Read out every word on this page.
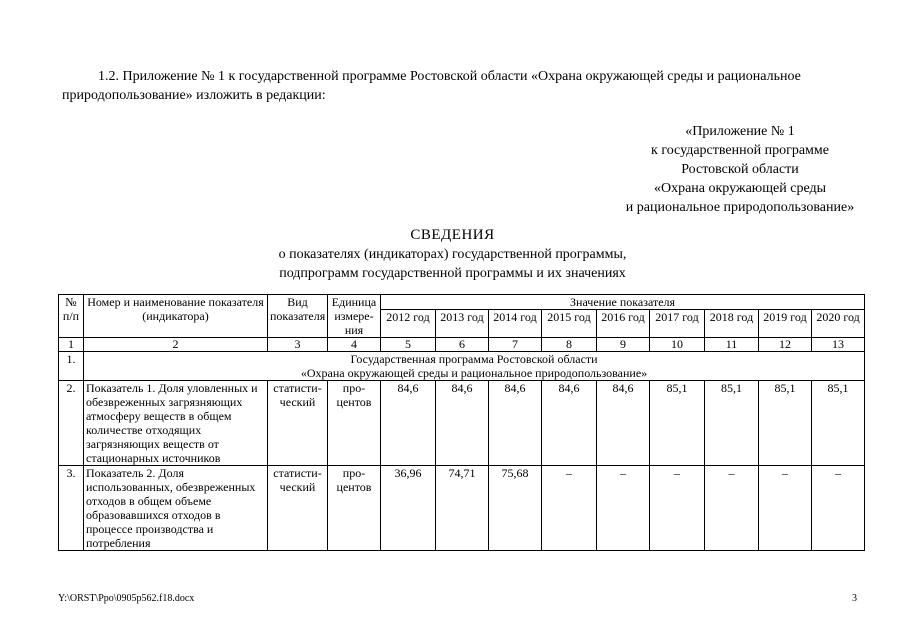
1.2. Приложение № 1 к государственной программе Ростовской области «Охрана окружающей среды и рациональное природопользование» изложить в редакции:

«Приложение № 1
к государственной программе
Ростовской области
«Охрана окружающей среды
и рациональное природопользование»
СВЕДЕНИЯ
о показателях (индикаторах) государственной программы,
подпрограмм государственной программы и их значениях
№ п/п	Номер и наименование показателя (индикатора)	Вид показателя	Единица измере-ния	Значение показателя								
				2012 год	2013 год	2014 год	2015 год	2016 год	2017 год	2018 год	2019 год	2020 год
1	2	3	4	5	6	7	8	9	10	11	12	13
1.	Государственная программа Ростовской области
«Охрана окружающей среды и рациональное природопользование»											

2.	Показатель 1. Доля уловленных и обезвреженных загрязняющих атмосферу веществ в общем количестве отходящих загрязняющих веществ от стационарных источников	статисти-ческий	про-центов	84,6	84,6	84,6	84,6	84,6	85,1	85,1	85,1	85,1
3.	Показатель 2. Доля использованных, обезвреженных отходов в общем объеме образовавшихся отходов в процессе производства и потребления	статисти-ческий	про-центов	36,96	74,71	75,68	–	–	–	–	–	–
Y:\ORST\Ppo\0905p562.f18.docx	3
